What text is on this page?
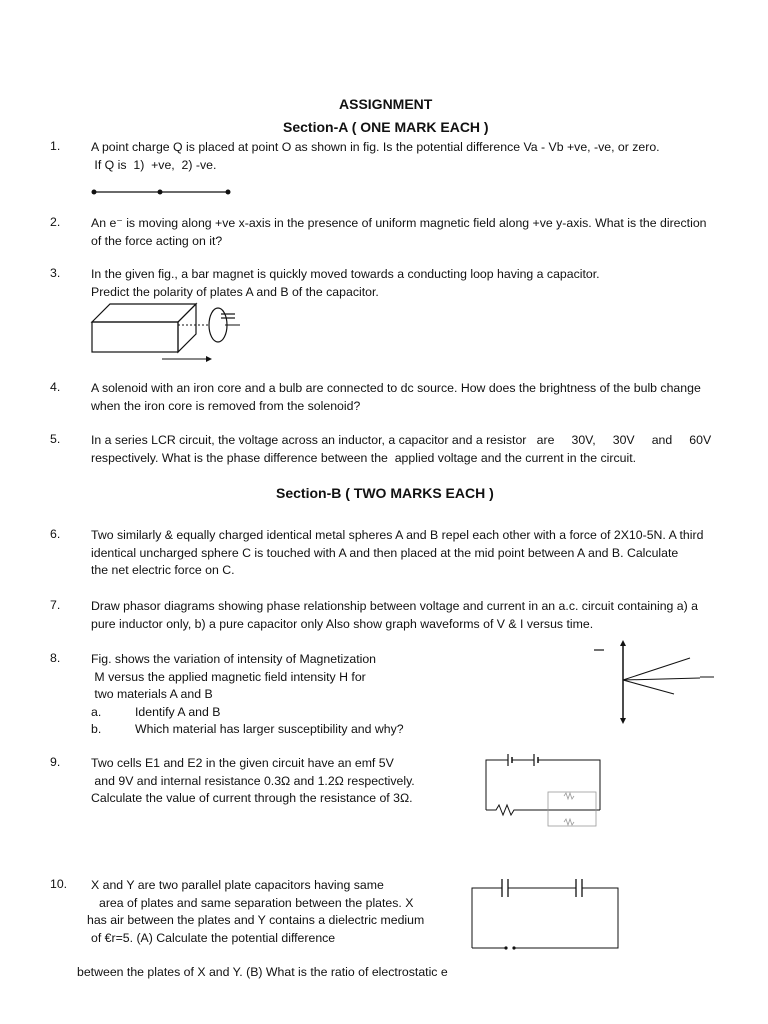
ASSIGNMENT
Section-A ( ONE MARK EACH )
1. A point charge Q is placed at point O as shown in fig. Is the potential difference Va - Vb +ve, -ve, or zero.
If Q is  1)  +ve,  2) -ve.
2. An e⁻ is moving along +ve x-axis in the presence of uniform magnetic field along +ve y-axis. What is the direction
of the force acting on it?
3. In the given fig., a bar magnet is quickly moved towards a conducting loop having a capacitor.
Predict the polarity of plates A and B of the capacitor.
4. A solenoid with an iron core and a bulb are connected to dc source. How does the brightness of the bulb change
when the iron core is removed from the solenoid?
5. In a series LCR circuit, the voltage across an inductor, a capacitor and a resistor   are     30V,     30V     and     60V
respectively. What is the phase difference between the  applied voltage and the current in the circuit.
Section-B ( TWO MARKS EACH )
6. Two similarly & equally charged identical metal spheres A and B repel each other with a force of 2X10-5N. A third
identical uncharged sphere C is touched with A and then placed at the mid point between A and B. Calculate
the net electric force on C.
7. Draw phasor diagrams showing phase relationship between voltage and current in an a.c. circuit containing a) a
pure inductor only, b) a pure capacitor only Also show graph waveforms of V & I versus time.
8. Fig. shows the variation of intensity of Magnetization
M versus the applied magnetic field intensity H for
two materials A and B
a.	Identify A and B
b.	Which material has larger susceptibility and why?
9. Two cells E1 and E2 in the given circuit have an emf 5V
and 9V and internal resistance 0.3Ω and 1.2Ω respectively.
Calculate the value of current through the resistance of 3Ω.
10. X and Y are two parallel plate capacitors having same
area of plates and same separation between the plates. X
has air between the plates and Y contains a dielectric medium
of €r=5. (A) Calculate the potential difference
between the plates of X and Y. (B) What is the ratio of electrostatic e
